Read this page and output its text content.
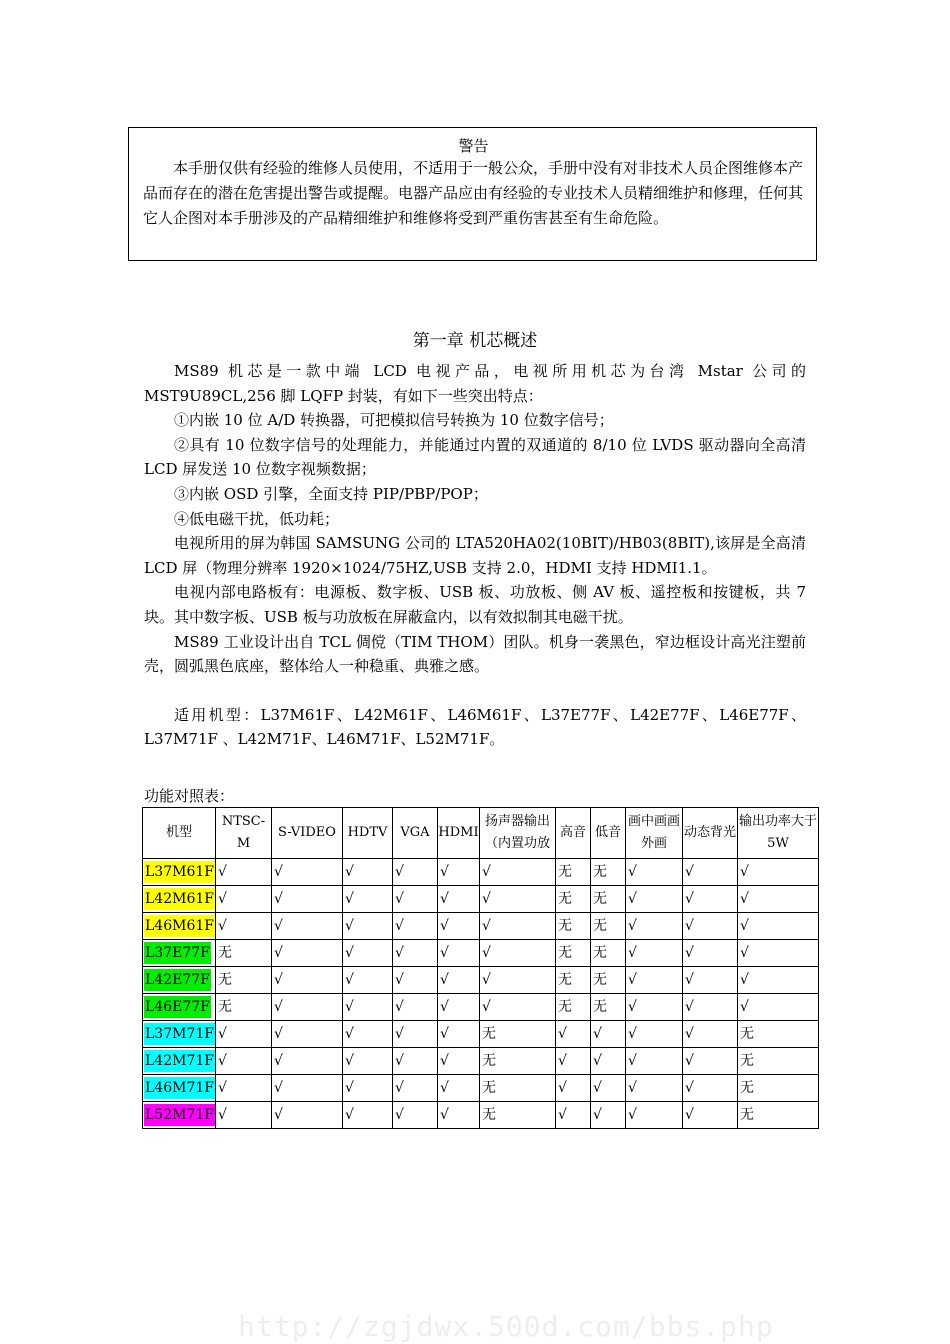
警告

本手册仅供有经验的维修人员使用，不适用于一般公众，手册中没有对非技术人员企图维修本产品而存在的潜在危害提出警告或提醒。电器产品应由有经验的专业技术人员精细维护和修理，任何其它人企图对本手册涉及的产品精细维护和维修将受到严重伤害甚至有生命危险。

第一章 机芯概述

MS89 机芯是一款中端 LCD 电视产品，电视所用机芯为台湾 Mstar 公司的 MST9U89CL,256 脚 LQFP 封装，有如下一些突出特点：

①内嵌 10 位 A/D 转换器，可把模拟信号转换为 10 位数字信号；

②具有 10 位数字信号的处理能力，并能通过内置的双通道的 8/10 位 LVDS 驱动器向全高清 LCD 屏发送 10 位数字视频数据；

③内嵌 OSD 引擎，全面支持 PIP/PBP/POP；

④低电磁干扰，低功耗；

电视所用的屏为韩国 SAMSUNG 公司的 LTA520HA02(10BIT)/HB03(8BIT),该屏是全高清 LCD 屏（物理分辨率 1920×1024/75HZ,USB 支持 2.0，HDMI 支持 HDMI1.1。

电视内部电路板有：电源板、数字板、USB 板、功放板、侧 AV 板、遥控板和按键板，共 7 块。其中数字板、USB 板与功放板在屏蔽盒内，以有效拟制其电磁干扰。

MS89 工业设计出自 TCL 倜傥（TIM THOM）团队。机身一袭黑色，窄边框设计高光注塑前壳，圆弧黑色底座，整体给人一种稳重、典雅之感。

适用机型：L37M61F、L42M61F、L46M61F、L37E77F、L42E77F、L46E77F、L37M71F 、L42M71F、L46M71F、L52M71F。

功能对照表：
机型	NTSC-M	S-VIDEO	HDTV	VGA	HDMI	扬声器输出（内置功放	高音	低音	画中画画外画	动态背光	输出功率大于 5W
L37M61F	√	√	√	√	√	√	无	无	√	√	√
L42M61F	√	√	√	√	√	√	无	无	√	√	√
L46M61F	√	√	√	√	√	√	无	无	√	√	√
L37E77F	无	√	√	√	√	√	无	无	√	√	√
L42E77F	无	√	√	√	√	√	无	无	√	√	√
L46E77F	无	√	√	√	√	√	无	无	√	√	√
L37M71F	√	√	√	√	√	无	√	√	√	√	无
L42M71F	√	√	√	√	√	无	√	√	√	√	无
L46M71F	√	√	√	√	√	无	√	√	√	√	无
L52M71F	√	√	√	√	√	无	√	√	√	√	无
http://zgjdwx.500d.com/bbs.php
